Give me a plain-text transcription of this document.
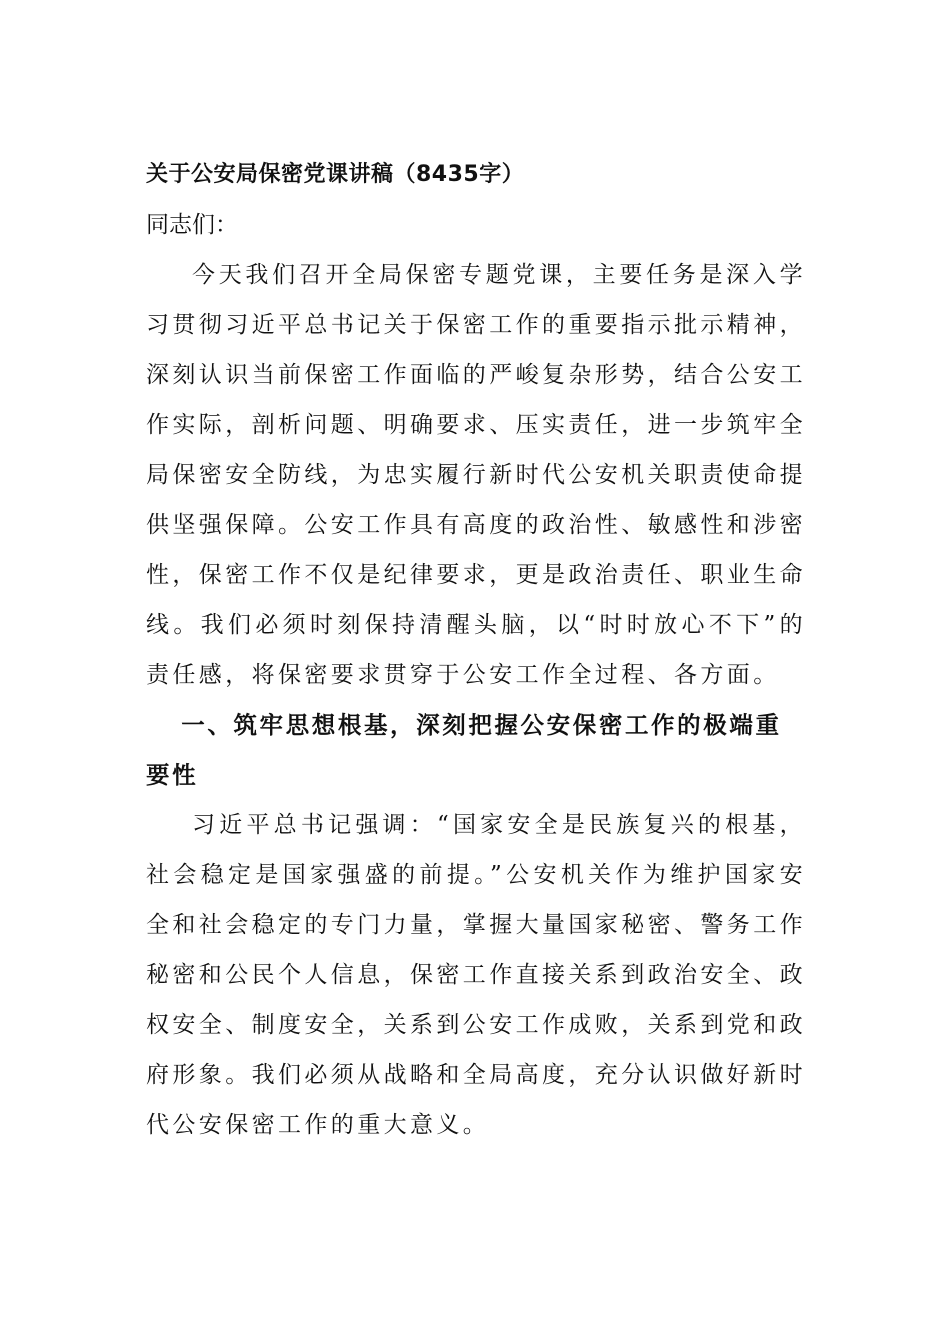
关于公安局保密党课讲稿（8435字）

同志们：

今天我们召开全局保密专题党课，主要任务是深入学习贯彻习近平总书记关于保密工作的重要指示批示精神，深刻认识当前保密工作面临的严峻复杂形势，结合公安工作实际，剖析问题、明确要求、压实责任，进一步筑牢全局保密安全防线，为忠实履行新时代公安机关职责使命提供坚强保障。公安工作具有高度的政治性、敏感性和涉密性，保密工作不仅是纪律要求，更是政治责任、职业生命线。我们必须时刻保持清醒头脑，以“时时放心不下”的责任感，将保密要求贯穿于公安工作全过程、各方面。

一、筑牢思想根基，深刻把握公安保密工作的极端重要性

习近平总书记强调：“国家安全是民族复兴的根基，社会稳定是国家强盛的前提。”公安机关作为维护国家安全和社会稳定的专门力量，掌握大量国家秘密、警务工作秘密和公民个人信息，保密工作直接关系到政治安全、政权安全、制度安全，关系到公安工作成败，关系到党和政府形象。我们必须从战略和全局高度，充分认识做好新时代公安保密工作的重大意义。
